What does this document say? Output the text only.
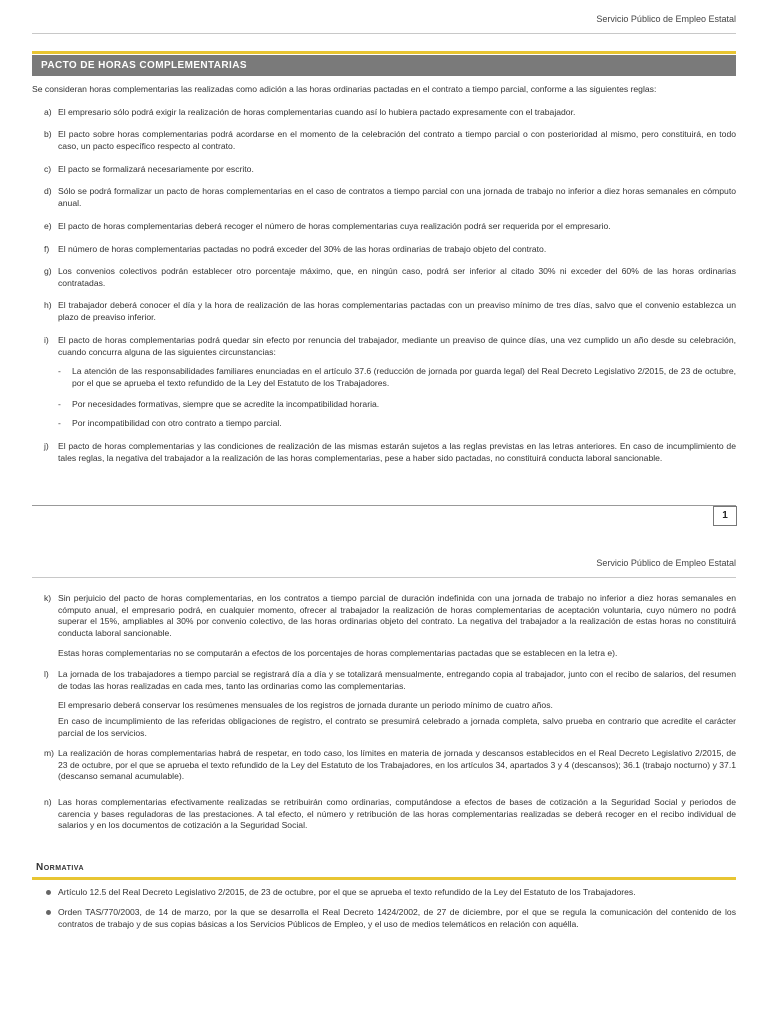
Servicio Público de Empleo Estatal
PACTO DE HORAS COMPLEMENTARIAS
Se consideran horas complementarias las realizadas como adición a las horas ordinarias pactadas en el contrato a tiempo parcial, conforme a las siguientes reglas:
a) El empresario sólo podrá exigir la realización de horas complementarias cuando así lo hubiera pactado expresamente con el trabajador.
b) El pacto sobre horas complementarias podrá acordarse en el momento de la celebración del contrato a tiempo parcial o con posterioridad al mismo, pero constituirá, en todo caso, un pacto específico respecto al contrato.
c) El pacto se formalizará necesariamente por escrito.
d) Sólo se podrá formalizar un pacto de horas complementarias en el caso de contratos a tiempo parcial con una jornada de trabajo no inferior a diez horas semanales en cómputo anual.
e) El pacto de horas complementarias deberá recoger el número de horas complementarias cuya realización podrá ser requerida por el empresario.
f) El número de horas complementarias pactadas no podrá exceder del 30% de las horas ordinarias de trabajo objeto del contrato.
g) Los convenios colectivos podrán establecer otro porcentaje máximo, que, en ningún caso, podrá ser inferior al citado 30% ni exceder del 60% de las horas ordinarias contratadas.
h) El trabajador deberá conocer el día y la hora de realización de las horas complementarias pactadas con un preaviso mínimo de tres días, salvo que el convenio establezca un plazo de preaviso inferior.
i) El pacto de horas complementarias podrá quedar sin efecto por renuncia del trabajador, mediante un preaviso de quince días, una vez cumplido un año desde su celebración, cuando concurra alguna de las siguientes circunstancias:
- La atención de las responsabilidades familiares enunciadas en el artículo 37.6 (reducción de jornada por guarda legal) del Real Decreto Legislativo 2/2015, de 23 de octubre, por el que se aprueba el texto refundido de la Ley del Estatuto de los Trabajadores.
- Por necesidades formativas, siempre que se acredite la incompatibilidad horaria.
- Por incompatibilidad con otro contrato a tiempo parcial.
j) El pacto de horas complementarias y las condiciones de realización de las mismas estarán sujetos a las reglas previstas en las letras anteriores. En caso de incumplimiento de tales reglas, la negativa del trabajador a la realización de las horas complementarias, pese a haber sido pactadas, no constituirá conducta laboral sancionable.
1
Servicio Público de Empleo Estatal
k) Sin perjuicio del pacto de horas complementarias, en los contratos a tiempo parcial de duración indefinida con una jornada de trabajo no inferior a diez horas semanales en cómputo anual, el empresario podrá, en cualquier momento, ofrecer al trabajador la realización de horas complementarias de aceptación voluntaria, cuyo número no podrá superar el 15%, ampliables al 30% por convenio colectivo, de las horas ordinarias objeto del contrato. La negativa del trabajador a la realización de estas horas no constituirá conducta laboral sancionable.
Estas horas complementarias no se computarán a efectos de los porcentajes de horas complementarias pactadas que se establecen en la letra e).
l) La jornada de los trabajadores a tiempo parcial se registrará día a día y se totalizará mensualmente, entregando copia al trabajador, junto con el recibo de salarios, del resumen de todas las horas realizadas en cada mes, tanto las ordinarias como las complementarias.
El empresario deberá conservar los resúmenes mensuales de los registros de jornada durante un periodo mínimo de cuatro años.
En caso de incumplimiento de las referidas obligaciones de registro, el contrato se presumirá celebrado a jornada completa, salvo prueba en contrario que acredite el carácter parcial de los servicios.
m) La realización de horas complementarias habrá de respetar, en todo caso, los límites en materia de jornada y descansos establecidos en el Real Decreto Legislativo 2/2015, de 23 de octubre, por el que se aprueba el texto refundido de la Ley del Estatuto de los Trabajadores, en los artículos 34, apartados 3 y 4 (descansos); 36.1 (trabajo nocturno) y 37.1 (descanso semanal acumulable).
n) Las horas complementarias efectivamente realizadas se retribuirán como ordinarias, computándose a efectos de bases de cotización a la Seguridad Social y periodos de carencia y bases reguladoras de las prestaciones. A tal efecto, el número y retribución de las horas complementarias realizadas se deberá recoger en el recibo individual de salarios y en los documentos de cotización a la Seguridad Social.
Normativa
Artículo 12.5 del Real Decreto Legislativo 2/2015, de 23 de octubre, por el que se aprueba el texto refundido de la Ley del Estatuto de los Trabajadores.
Orden TAS/770/2003, de 14 de marzo, por la que se desarrolla el Real Decreto 1424/2002, de 27 de diciembre, por el que se regula la comunicación del contenido de los contratos de trabajo y de sus copias básicas a los Servicios Públicos de Empleo, y el uso de medios telemáticos en relación con aquélla.
